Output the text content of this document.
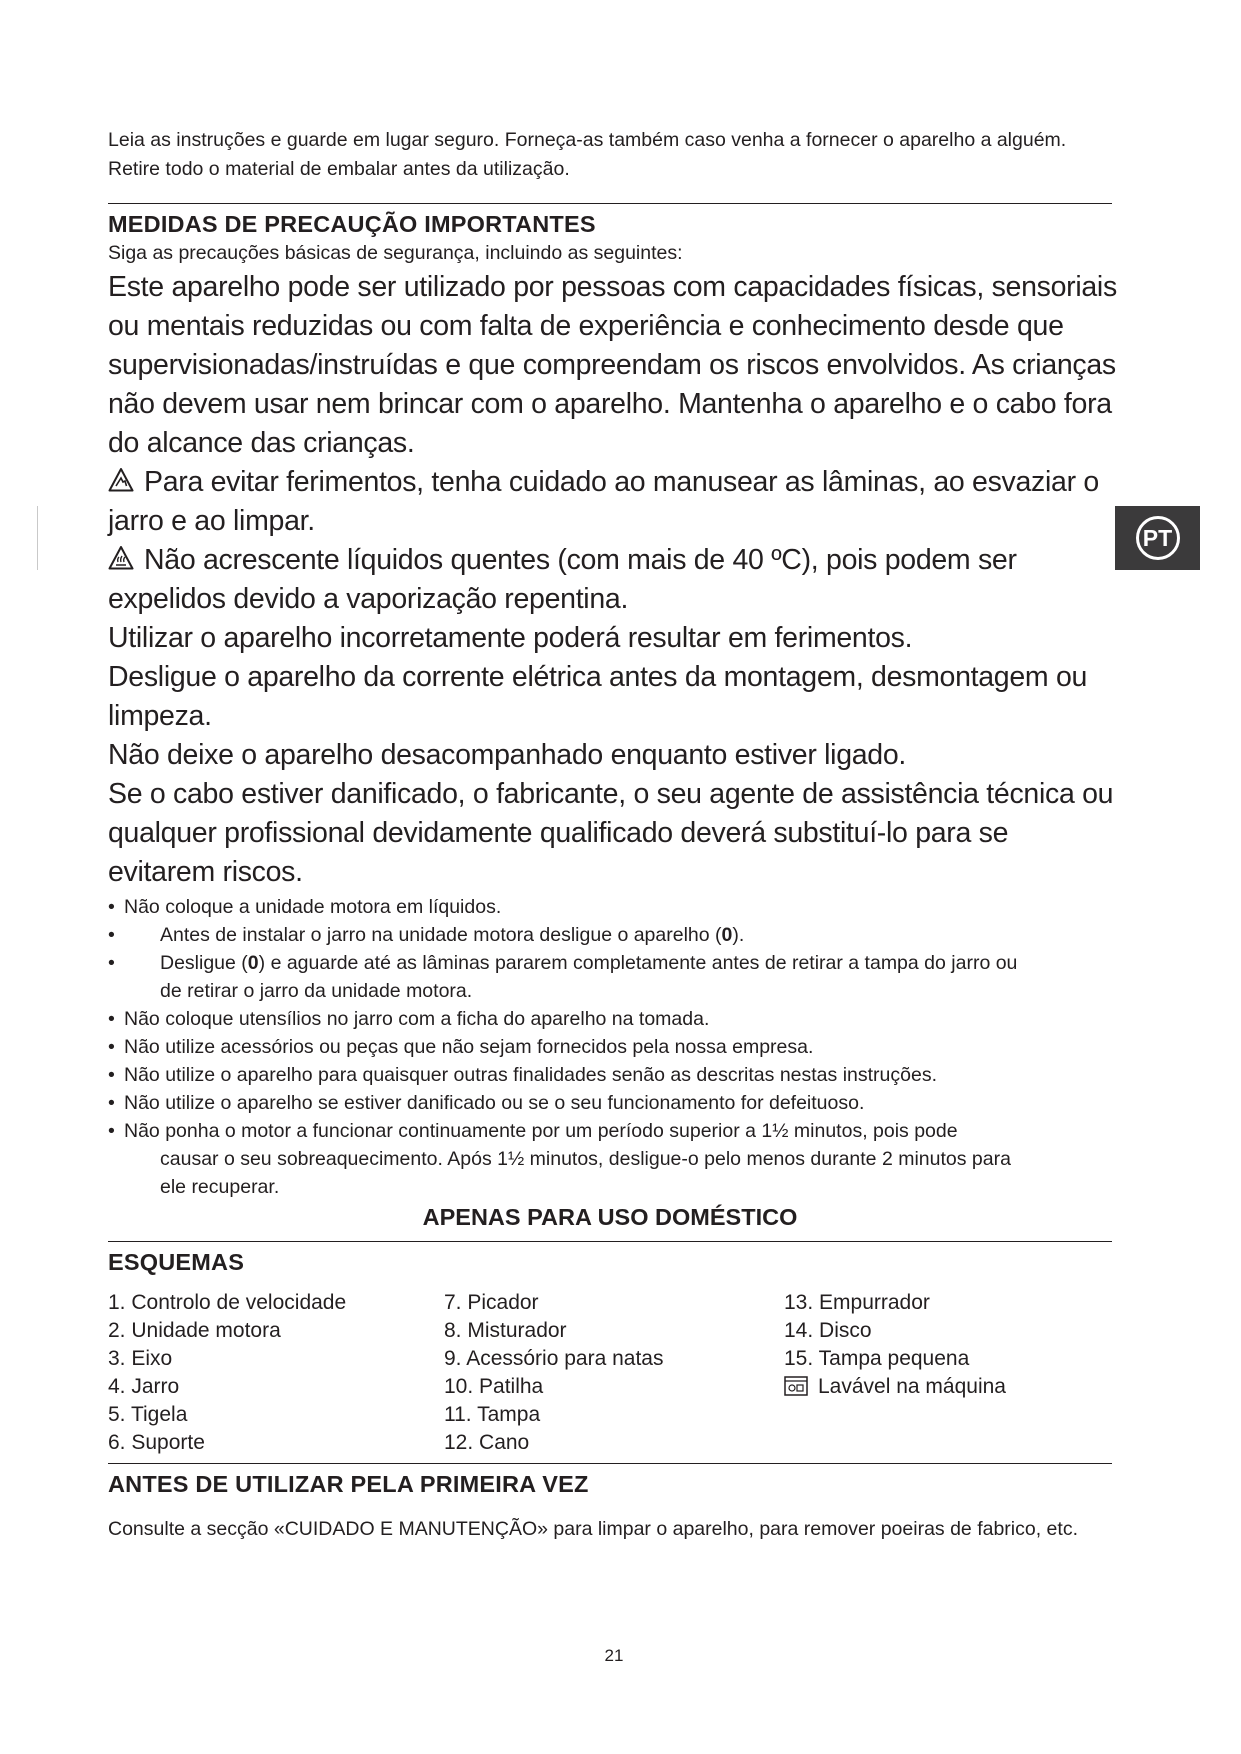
Leia as instruções e guarde em lugar seguro. Forneça-as também caso venha a fornecer o aparelho a alguém. Retire todo o material de embalar antes da utilização.
MEDIDAS DE PRECAUÇÃO IMPORTANTES
Siga as precauções básicas de segurança, incluindo as seguintes:

Este aparelho pode ser utilizado por pessoas com capacidades físicas, sensoriais ou mentais reduzidas ou com falta de experiência e conhecimento desde que supervisionadas/instruídas e que compreendam os riscos envolvidos. As crianças não devem usar nem brincar com o aparelho. Mantenha o aparelho e o cabo fora do alcance das crianças.

Para evitar ferimentos, tenha cuidado ao manusear as lâminas, ao esvaziar o jarro e ao limpar.

Não acrescente líquidos quentes (com mais de 40 ºC), pois podem ser expelidos devido a vaporização repentina.

Utilizar o aparelho incorretamente poderá resultar em ferimentos.

Desligue o aparelho da corrente elétrica antes da montagem, desmontagem ou limpeza.

Não deixe o aparelho desacompanhado enquanto estiver ligado.

Se o cabo estiver danificado, o fabricante, o seu agente de assistência técnica ou qualquer profissional devidamente qualificado deverá substituí-lo para se evitarem riscos.

• Não coloque a unidade motora em líquidos.
• Antes de instalar o jarro na unidade motora desligue o aparelho (0).
• Desligue (0) e aguarde até as lâminas pararem completamente antes de retirar a tampa do jarro ou
de retirar o jarro da unidade motora.
• Não coloque utensílios no jarro com a ficha do aparelho na tomada.
• Não utilize acessórios ou peças que não sejam fornecidos pela nossa empresa.
• Não utilize o aparelho para quaisquer outras finalidades senão as descritas nestas instruções.
• Não utilize o aparelho se estiver danificado ou se o seu funcionamento for defeituoso.
• Não ponha o motor a funcionar continuamente por um período superior a 1½ minutos, pois pode
causar o seu sobreaquecimento. Após 1½ minutos, desligue-o pelo menos durante 2 minutos para
ele recuperar.
APENAS PARA USO DOMÉSTICO
ESQUEMAS
1. Controlo de velocidade
2. Unidade motora
3. Eixo
4. Jarro
5. Tigela
6. Suporte
7. Picador
8. Misturador
9. Acessório para natas
10. Patilha
11. Tampa
12. Cano
13. Empurrador
14. Disco
15. Tampa pequena
Lavável na máquina
ANTES DE UTILIZAR PELA PRIMEIRA VEZ
Consulte a secção «CUIDADO E MANUTENÇÃO» para limpar o aparelho, para remover poeiras de fabrico, etc.
21
PT
